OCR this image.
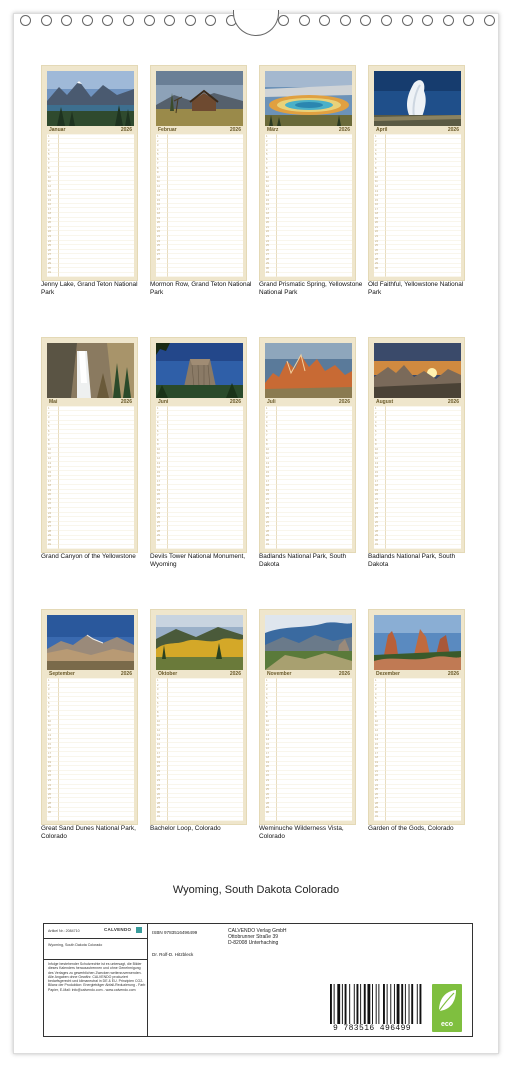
Januar	2026
1
2
3
4
5
6
7
8
9
10
11
12
13
14
15
16
17
18
19
20
21
22
23
24
25
26
27
28
29
30
31
Jenny Lake, Grand Teton National Park
Februar	2026
1
2
3
4
5
6
7
8
9
10
11
12
13
14
15
16
17
18
19
20
21
22
23
24
25
26
27
28
Mormon Row, Grand Teton National Park
März	2026
1
2
3
4
5
6
7
8
9
10
11
12
13
14
15
16
17
18
19
20
21
22
23
24
25
26
27
28
29
30
31
Grand Prismatic Spring, Yellowstone National Park
April	2026
1
2
3
4
5
6
7
8
9
10
11
12
13
14
15
16
17
18
19
20
21
22
23
24
25
26
27
28
29
30
Old Faithful, Yellowstone National Park
Mai	2026
1
2
3
4
5
6
7
8
9
10
11
12
13
14
15
16
17
18
19
20
21
22
23
24
25
26
27
28
29
30
31
Grand Canyon of the Yellowstone
Juni	2026
1
2
3
4
5
6
7
8
9
10
11
12
13
14
15
16
17
18
19
20
21
22
23
24
25
26
27
28
29
30
Devils Tower National Monument, Wyoming
Juli	2026
1
2
3
4
5
6
7
8
9
10
11
12
13
14
15
16
17
18
19
20
21
22
23
24
25
26
27
28
29
30
31
Badlands National Park, South Dakota
August	2026
1
2
3
4
5
6
7
8
9
10
11
12
13
14
15
16
17
18
19
20
21
22
23
24
25
26
27
28
29
30
31
Badlands National Park, South Dakota
September	2026
1
2
3
4
5
6
7
8
9
10
11
12
13
14
15
16
17
18
19
20
21
22
23
24
25
26
27
28
29
30
Great Sand Dunes National Park, Colorado
Oktober	2026
1
2
3
4
5
6
7
8
9
10
11
12
13
14
15
16
17
18
19
20
21
22
23
24
25
26
27
28
29
30
31
Bachelor Loop, Colorado
November	2026
1
2
3
4
5
6
7
8
9
10
11
12
13
14
15
16
17
18
19
20
21
22
23
24
25
26
27
28
29
30
Weminuche Wilderness Vista, Colorado
Dezember	2026
1
2
3
4
5
6
7
8
9
10
11
12
13
14
15
16
17
18
19
20
21
22
23
24
25
26
27
28
29
30
31
Garden of the Gods, Colorado
Wyoming, South Dakota Colorado
Artikel Nr.: 2084710	CALVENDO
Wyoming, South Dakota Colorado
Infolge bestehender Schutzrechte ist es untersagt, die Bilder dieses Kalenders herauszutrennen und ohne Genehmigung des Verlages zu gewerblichen Zwecken weiterzuverwenden. Alle Angaben ohne Gewähr. CALVENDO produziert bedarfsgerecht und klimaneutral in DE & EU. Prinzipien CO2-Bilanz der Produktion: Energieträger Abfall-Reduzierung - Farb Papier, E-Mail: info@calvendo.com - www.calvendo.com
ISBN 9783516496499
Dr. Rolf-D. Hitzbleck
CALVENDO Verlag GmbH
Ottobrunner Straße 39
D-82008 Unterhaching
9 783516 496499	eco
